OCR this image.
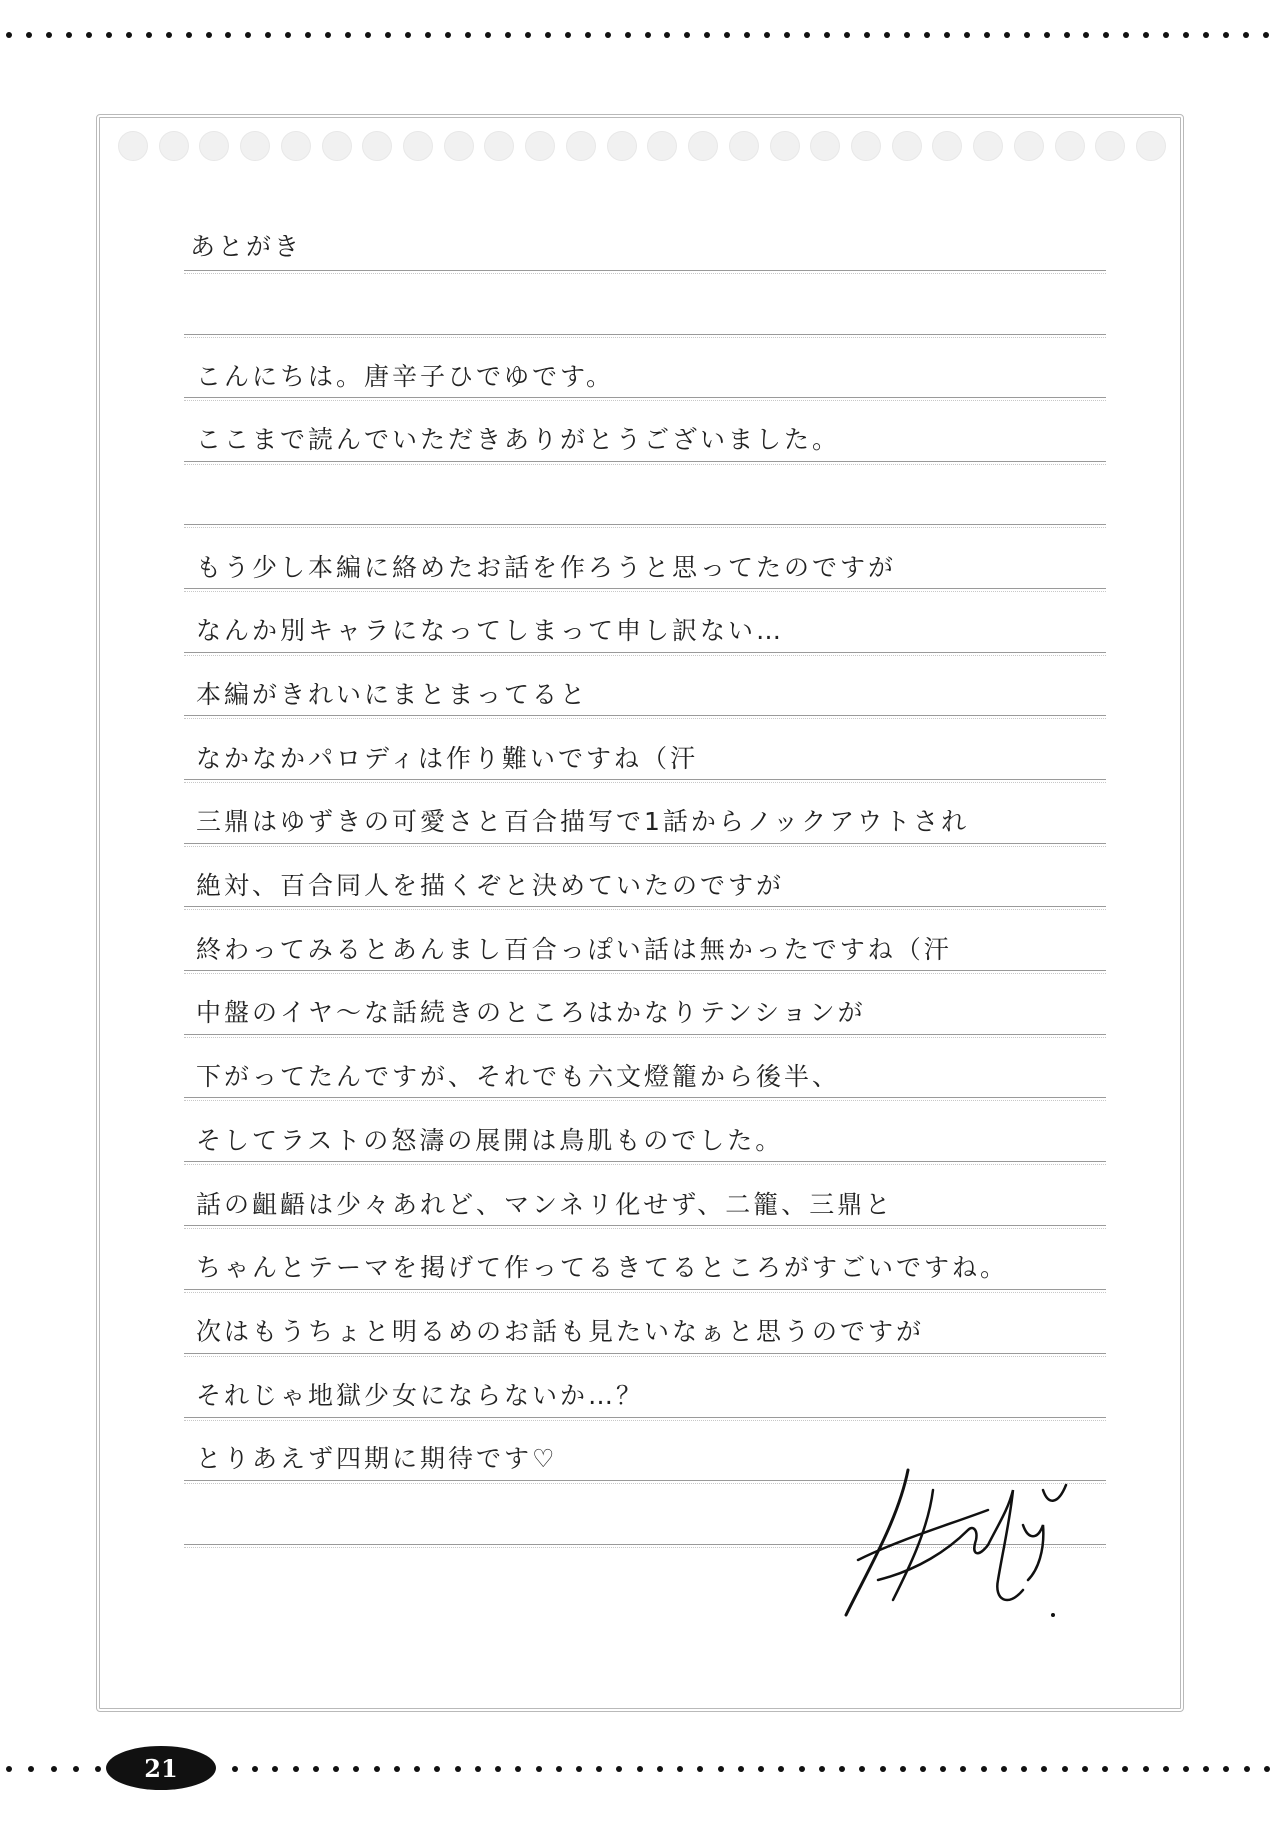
あとがき
こんにちは。唐辛子ひでゆです。
ここまで読んでいただきありがとうございました。
もう少し本編に絡めたお話を作ろうと思ってたのですが
なんか別キャラになってしまって申し訳ない…
本編がきれいにまとまってると
なかなかパロディは作り難いですね（汗
三鼎はゆずきの可愛さと百合描写で1話からノックアウトされ
絶対、百合同人を描くぞと決めていたのですが
終わってみるとあんまし百合っぽい話は無かったですね（汗
中盤のイヤ～な話続きのところはかなりテンションが
下がってたんですが、それでも六文燈籠から後半、
そしてラストの怒濤の展開は鳥肌ものでした。
話の齟齬は少々あれど、マンネリ化せず、二籠、三鼎と
ちゃんとテーマを掲げて作ってるきてるところがすごいですね。
次はもうちょと明るめのお話も見たいなぁと思うのですが
それじゃ地獄少女にならないか…？
とりあえず四期に期待です♡
21
